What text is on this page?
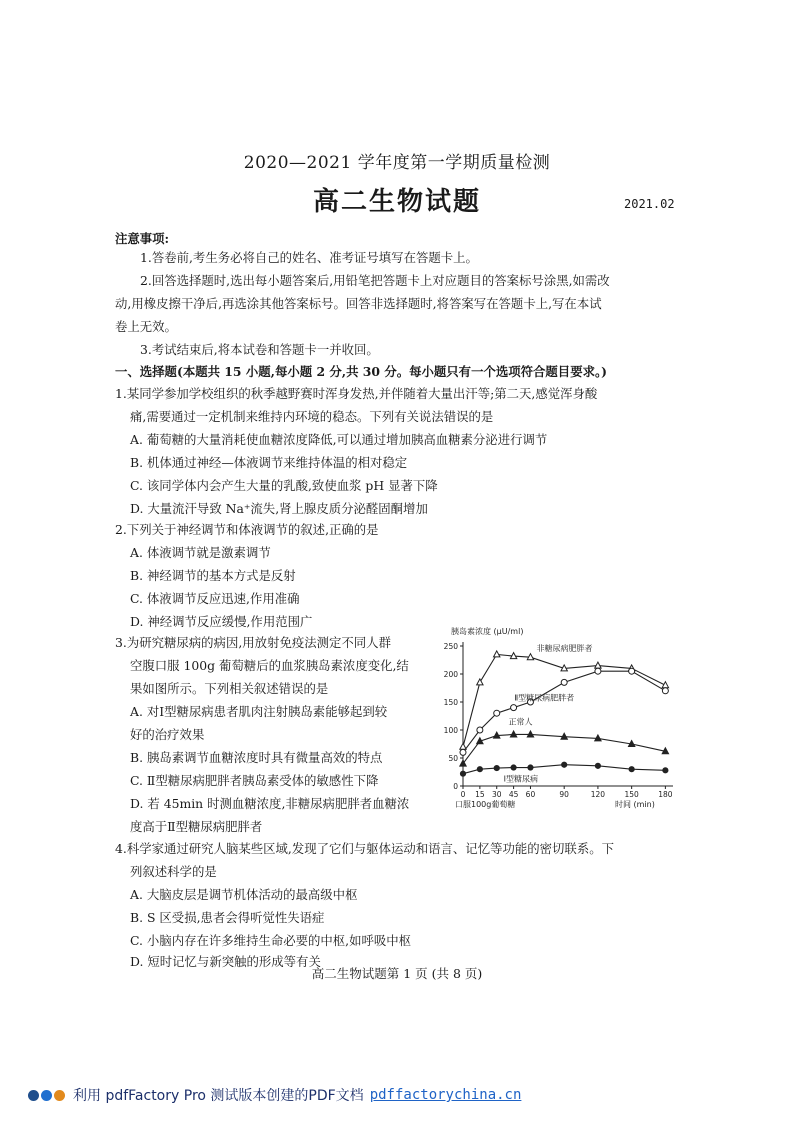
2020—2021 学年度第一学期质量检测
高二生物试题	2021.02
注意事项:
1.答卷前,考生务必将自己的姓名、准考证号填写在答题卡上。
2.回答选择题时,选出每小题答案后,用铅笔把答题卡上对应题目的答案标号涂黑,如需改
动,用橡皮擦干净后,再选涂其他答案标号。回答非选择题时,将答案写在答题卡上,写在本试
卷上无效。
3.考试结束后,将本试卷和答题卡一并收回。
一、选择题(本题共 15 小题,每小题 2 分,共 30 分。每小题只有一个选项符合题目要求。)
1.某同学参加学校组织的秋季越野赛时浑身发热,并伴随着大量出汗等;第二天,感觉浑身酸
痛,需要通过一定机制来维持内环境的稳态。下列有关说法错误的是
A. 葡萄糖的大量消耗使血糖浓度降低,可以通过增加胰高血糖素分泌进行调节
B. 机体通过神经—体液调节来维持体温的相对稳定
C. 该同学体内会产生大量的乳酸,致使血浆 pH 显著下降
D. 大量流汗导致 Na⁺流失,肾上腺皮质分泌醛固酮增加
2.下列关于神经调节和体液调节的叙述,正确的是
A. 体液调节就是激素调节
B. 神经调节的基本方式是反射
C. 体液调节反应迅速,作用准确
D. 神经调节反应缓慢,作用范围广
3.为研究糖尿病的病因,用放射免疫法测定不同人群
空腹口服 100g 葡萄糖后的血浆胰岛素浓度变化,结
果如图所示。下列相关叙述错误的是
A. 对Ⅰ型糖尿病患者肌肉注射胰岛素能够起到较
好的治疗效果
B. 胰岛素调节血糖浓度时具有微量高效的特点
C. Ⅱ型糖尿病肥胖者胰岛素受体的敏感性下降
D. 若 45min 时测血糖浓度,非糖尿病肥胖者血糖浓
度高于Ⅱ型糖尿病肥胖者
胰岛素浓度 (μU/ml)
0
50
100
150
200
250
0 15 30 45 60	90	120	150	180
非糖尿病肥胖者
Ⅱ型糖尿病肥胖者
正常人
Ⅰ型糖尿病
口服100g葡萄糖	时间 (min)
4.科学家通过研究人脑某些区域,发现了它们与躯体运动和语言、记忆等功能的密切联系。下
列叙述科学的是
A. 大脑皮层是调节机体活动的最高级中枢
B. S 区受损,患者会得听觉性失语症
C. 小脑内存在许多维持生命必要的中枢,如呼吸中枢
D. 短时记忆与新突触的形成等有关
高二生物试题第 1 页 (共 8 页)
利用 pdfFactory Pro 测试版本创建的PDF文档 pdffactorychina.cn
